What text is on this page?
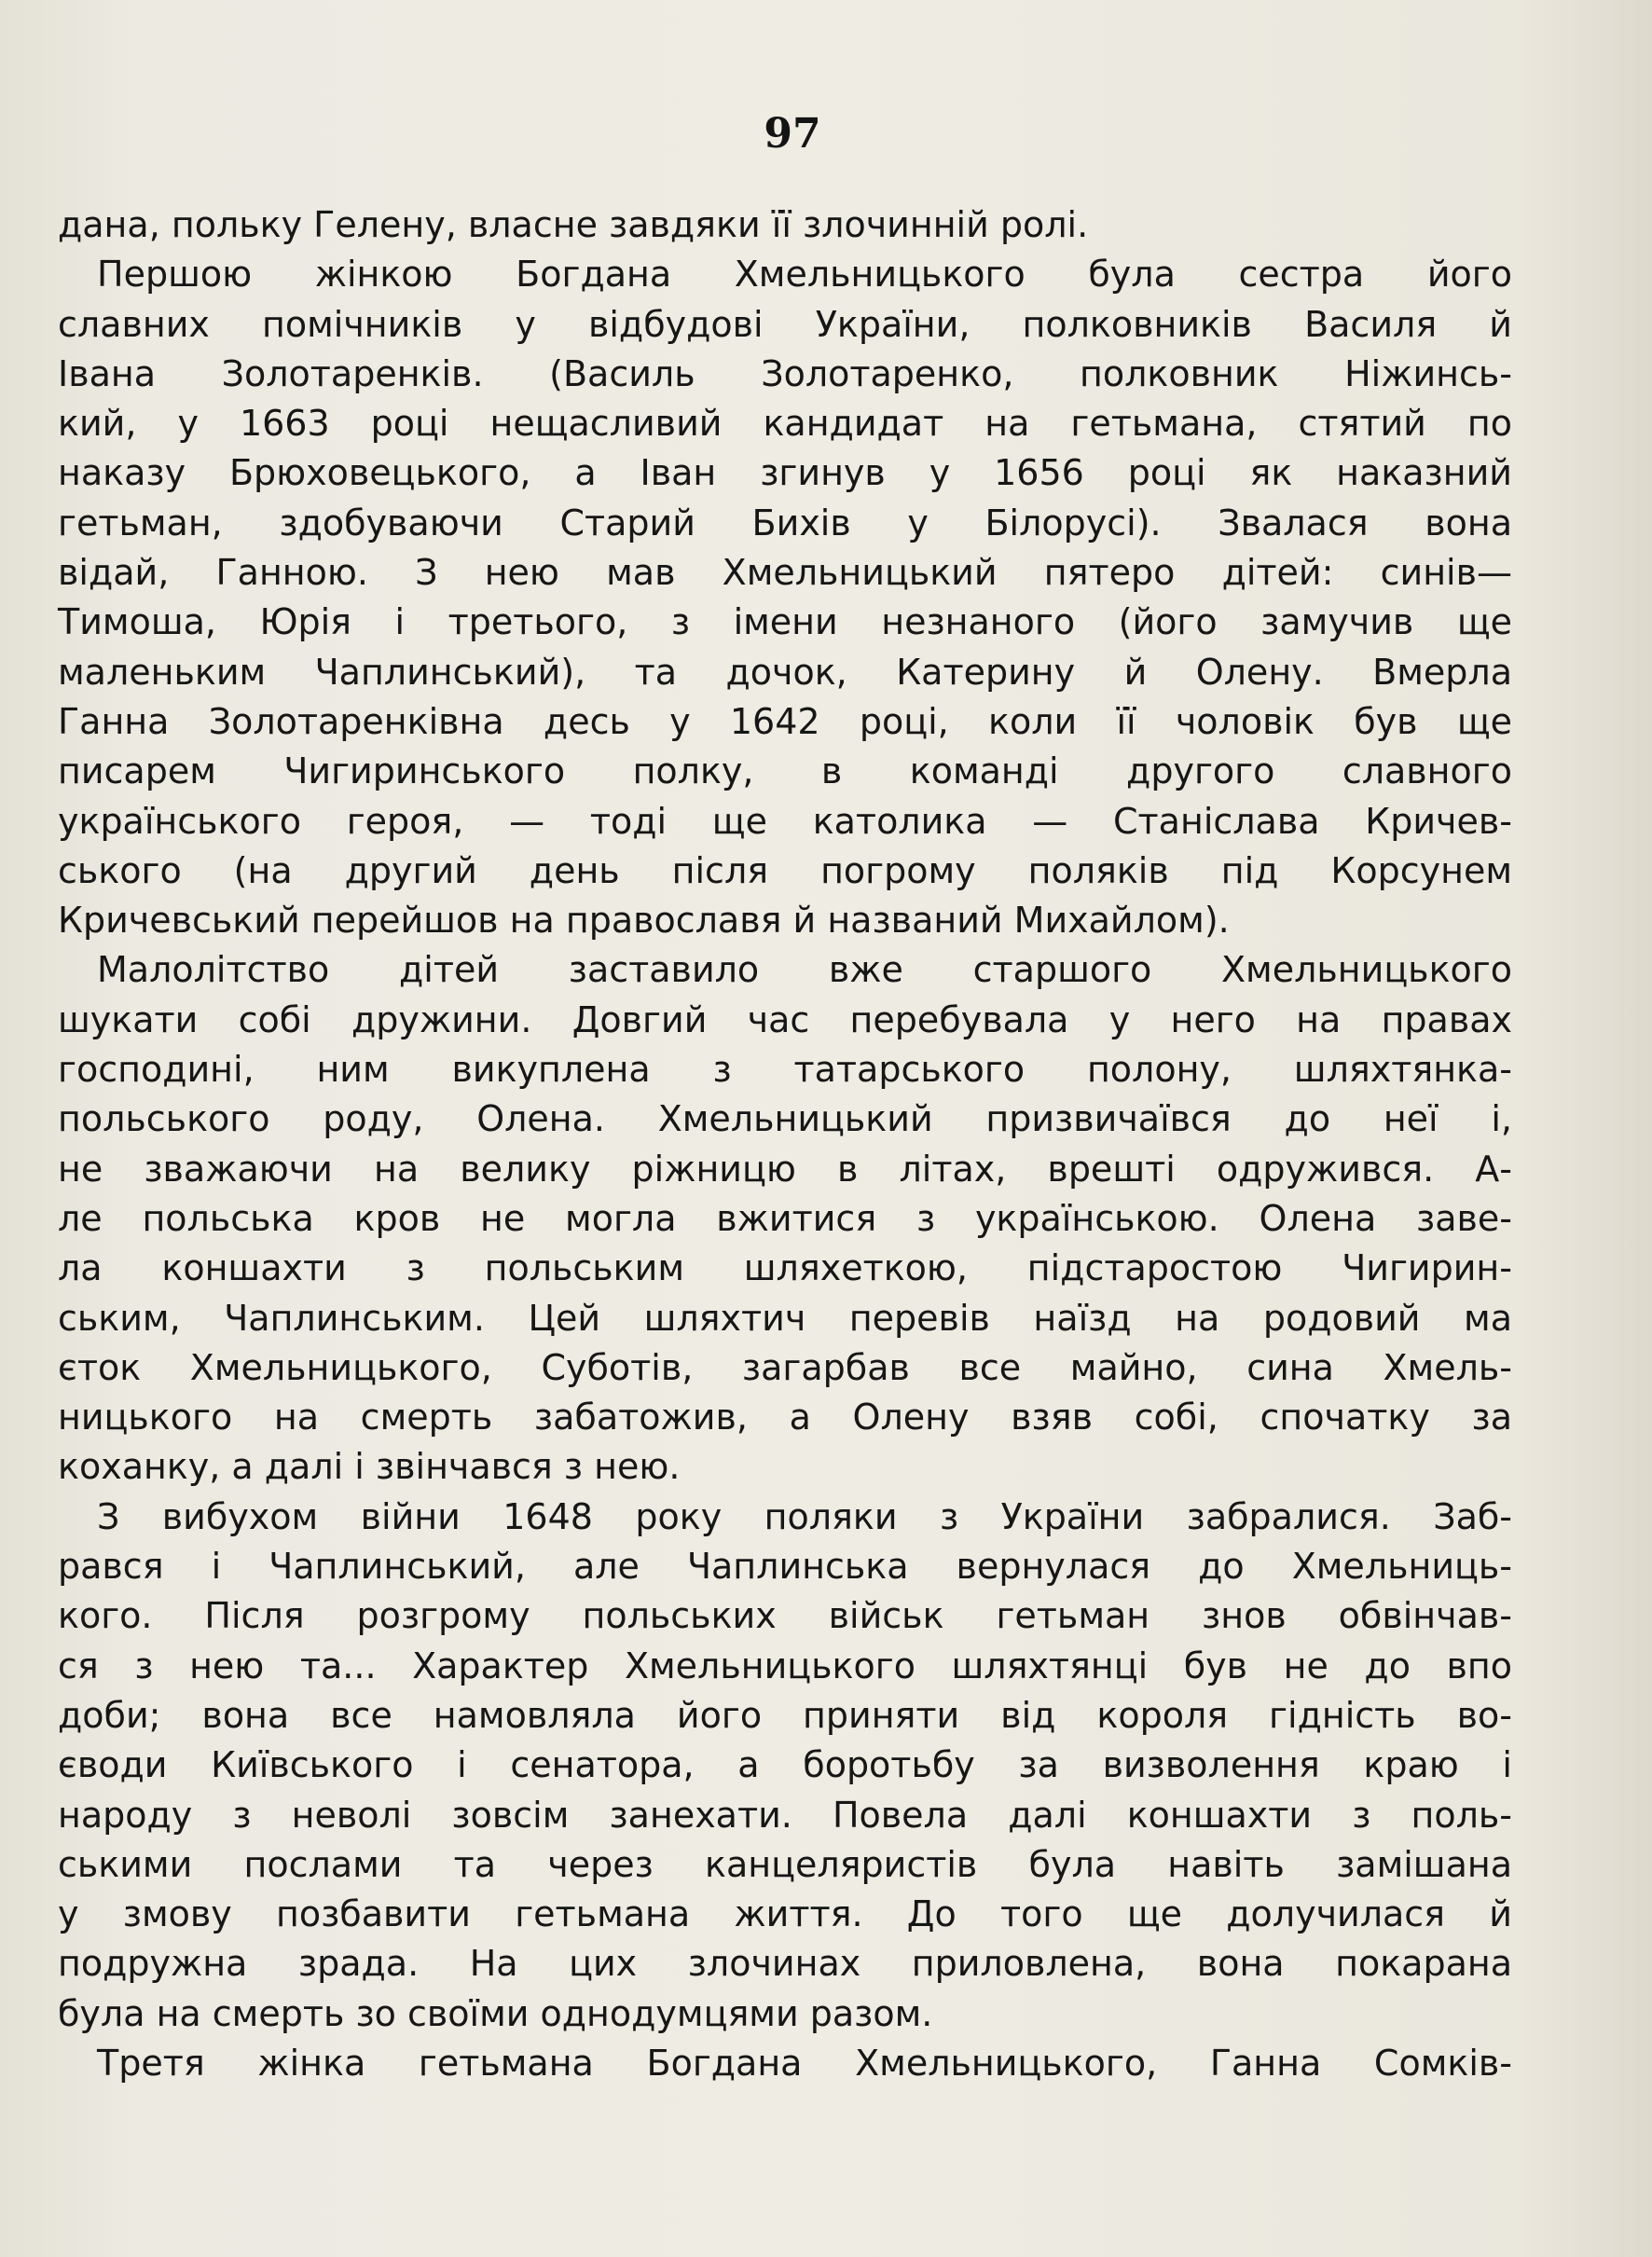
97
дана, польку Гелену, власне завдяки її злочинній ролі.
Першою жінкою Богдана Хмельницького була сестра його
славних помічників у відбудові України, полковників Василя й
Івана Золотаренків. (Василь Золотаренко, полковник Ніжинсь-
кий, у 1663 році нещасливий кандидат на гетьмана, стятий по
наказу Брюховецького, а Іван згинув у 1656 році як наказний
гетьман, здобуваючи Старий Бихів у Білорусі). Звалася вона
відай, Ганною. З нею мав Хмельницький пятеро дітей: синів—
Тимоша, Юрія і третього, з імени незнаного (його замучив ще
маленьким Чаплинський), та дочок, Катерину й Олену. Вмерла
Ганна Золотаренківна десь у 1642 році, коли її чоловік був ще
писарем Чигиринського полку, в команді другого славного
українського героя, — тоді ще католика — Станіслава Кричев-
ського (на другий день після погрому поляків під Корсунем
Кричевський перейшов на православя й названий Михайлом).
Малолітство дітей заставило вже старшого Хмельницького
шукати собі дружини. Довгий час перебувала у него на правах
господині, ним викуплена з татарського полону, шляхтянка-
польського роду, Олена. Хмельницький призвичаївся до неї і,
не зважаючи на велику ріжницю в літах, врешті одружився. А-
ле польська кров не могла вжитися з українською. Олена заве-
ла коншахти з польським шляхеткою, підстаростою Чигирин-
ським, Чаплинським. Цей шляхтич перевів наїзд на родовий ма
єток Хмельницького, Суботів, загарбав все майно, сина Хмель-
ницького на смерть забатожив, а Олену взяв собі, спочатку за
коханку, а далі і звінчався з нею.
З вибухом війни 1648 року поляки з України забралися. Заб-
рався і Чаплинський, але Чаплинська вернулася до Хмельниць-
кого. Після розгрому польських військ гетьман знов обвінчав-
ся з нею та... Характер Хмельницького шляхтянці був не до впо
доби; вона все намовляла його приняти від короля гідність во-
єводи Київського і сенатора, а боротьбу за визволення краю і
народу з неволі зовсім занехати. Повела далі коншахти з поль-
ськими послами та через канцеляристів була навіть замішана
у змову позбавити гетьмана життя. До того ще долучилася й
подружна зрада. На цих злочинах приловлена, вона покарана
була на смерть зо своїми однодумцями разом.
Третя жінка гетьмана Богдана Хмельницького, Ганна Сомків-
